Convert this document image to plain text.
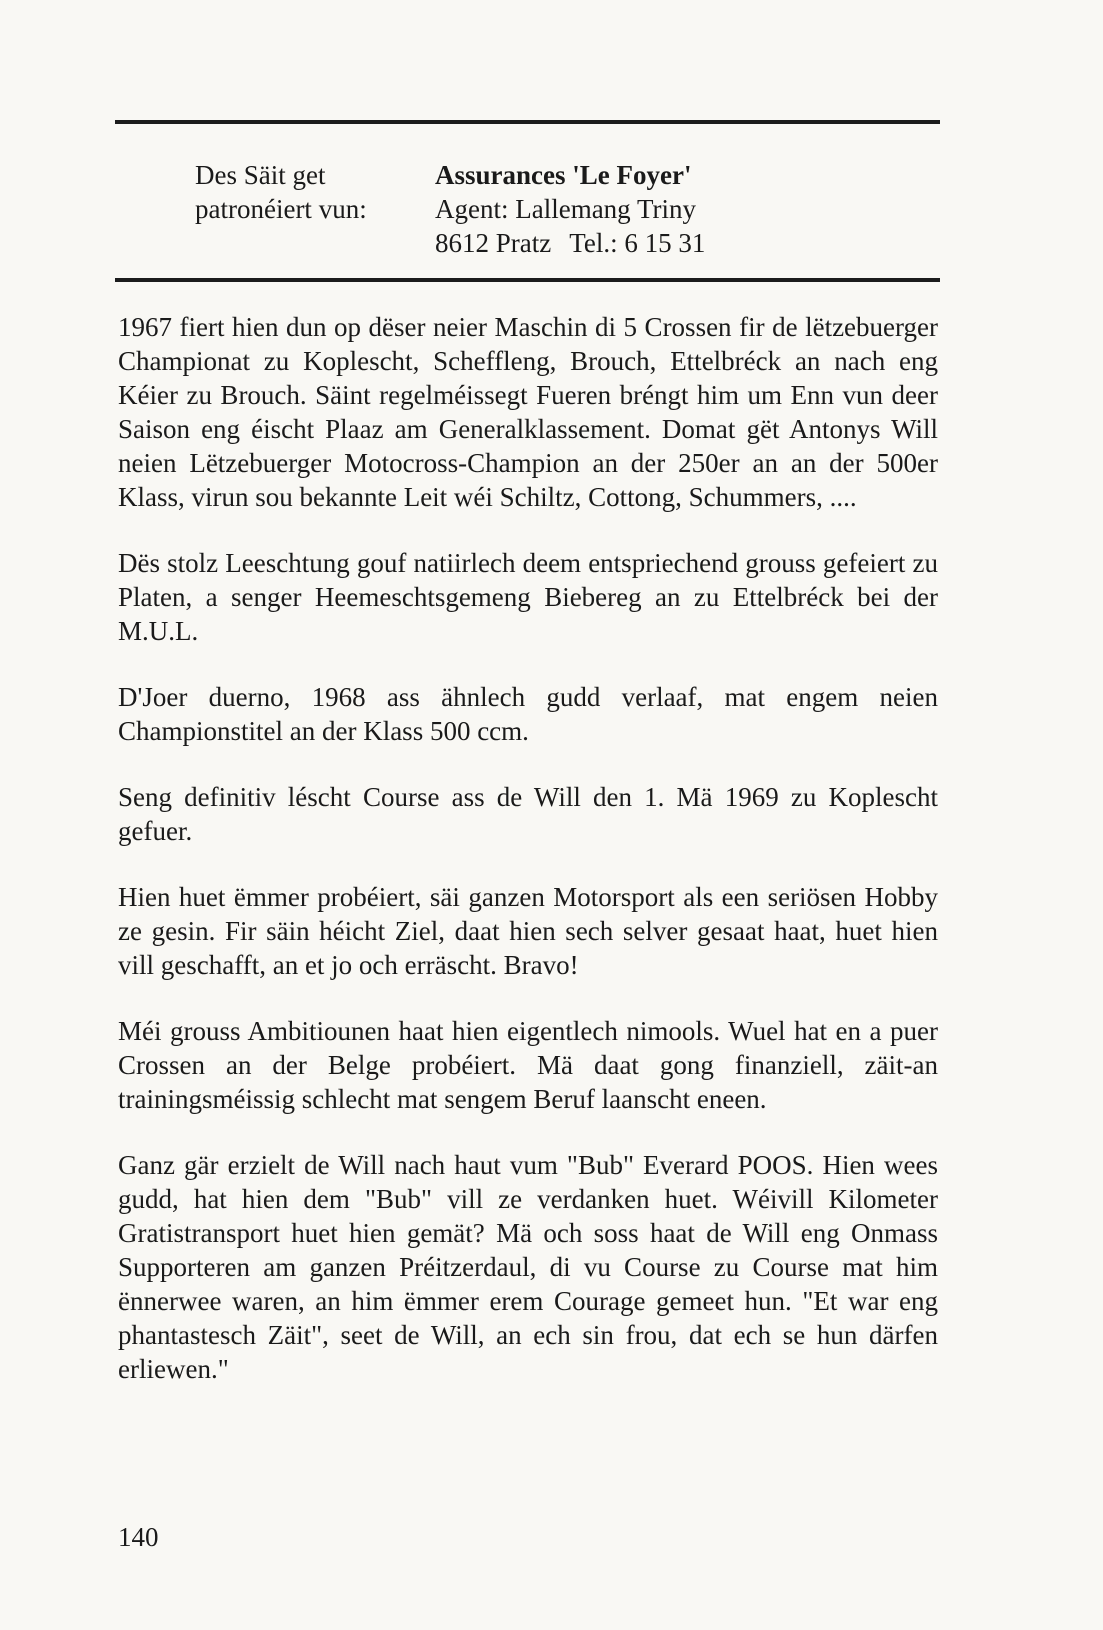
Des Säit get
patronéiert vun:
Assurances 'Le Foyer'
Agent: Lallemang Triny
8612 Pratz Tel.: 6 15 31

1967 fiert hien dun op dëser neier Maschin di 5 Crossen fir de lëtzebuerger Championat zu Koplescht, Scheffleng, Brouch, Ettelbréck an nach eng Kéier zu Brouch. Säint regelméissegt Fueren bréngt him um Enn vun deer Saison eng éischt Plaaz am Generalklassement. Domat gët Antonys Will neien Lëtzebuerger Motocross-Champion an der 250er an an der 500er Klass, virun sou bekannte Leit wéi Schiltz, Cottong, Schummers, ....

Dës stolz Leeschtung gouf natiirlech deem entspriechend grouss gefeiert zu Platen, a senger Heemeschtsgemeng Biebereg an zu Ettelbréck bei der M.U.L.

D'Joer duerno, 1968 ass ähnlech gudd verlaaf, mat engem neien Championstitel an der Klass 500 ccm.

Seng definitiv léscht Course ass de Will den 1. Mä 1969 zu Koplescht gefuer.

Hien huet ëmmer probéiert, säi ganzen Motorsport als een seriösen Hobby ze gesin. Fir säin héicht Ziel, daat hien sech selver gesaat haat, huet hien vill geschafft, an et jo och erräscht. Bravo!

Méi grouss Ambitiounen haat hien eigentlech nimools. Wuel hat en a puer Crossen an der Belge probéiert. Mä daat gong finanziell, zäit-an trainingsméissig schlecht mat sengem Beruf laanscht eneen.

Ganz gär erzielt de Will nach haut vum "Bub" Everard POOS. Hien wees gudd, hat hien dem "Bub" vill ze verdanken huet. Wéivill Kilometer Gratistransport huet hien gemät? Mä och soss haat de Will eng Onmass Supporteren am ganzen Préitzerdaul, di vu Course zu Course mat him ënnerwee waren, an him ëmmer erem Courage gemeet hun. "Et war eng phantastesch Zäit", seet de Will, an ech sin frou, dat ech se hun därfen erliewen."

140
